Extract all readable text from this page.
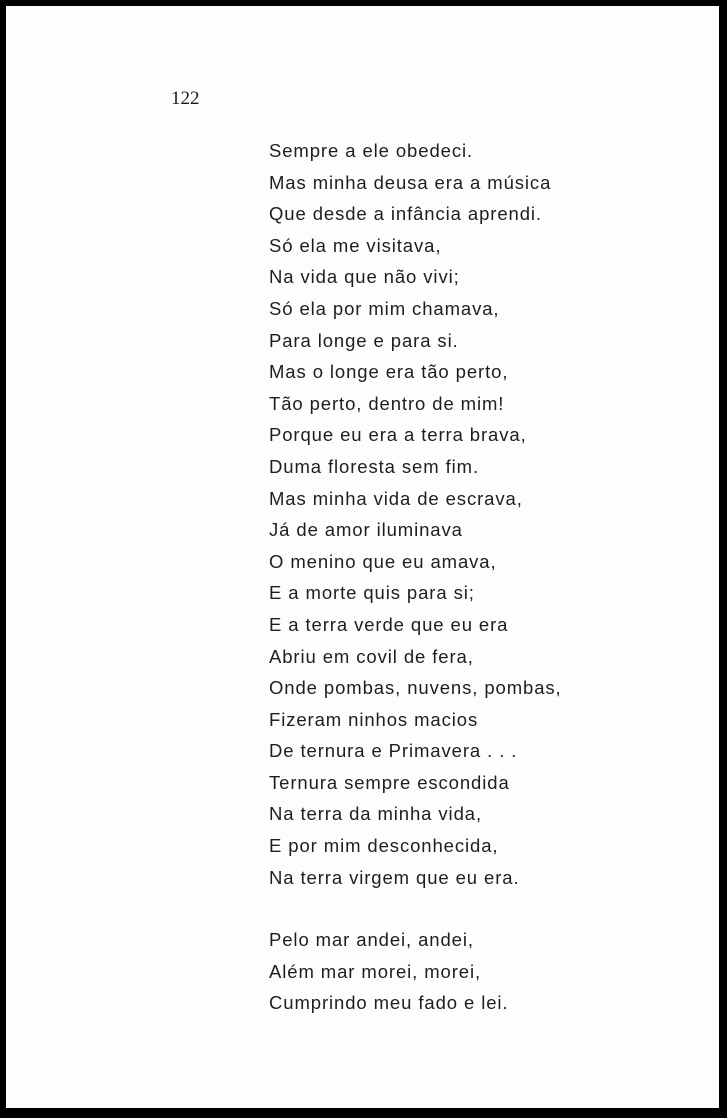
122

Sempre a ele obedeci.
Mas minha deusa era a música
Que desde a infância aprendi.
Só ela me visitava,
Na vida que não vivi;
Só ela por mim chamava,
Para longe e para si.
Mas o longe era tão perto,
Tão perto, dentro de mim!
Porque eu era a terra brava,
Duma floresta sem fim.
Mas minha vida de escrava,
Já de amor iluminava
O menino que eu amava,
E a morte quis para si;
E a terra verde que eu era
Abriu em covil de fera,
Onde pombas, nuvens, pombas,
Fizeram ninhos macios
De ternura e Primavera . . .
Ternura sempre escondida
Na terra da minha vida,
E por mim desconhecida,
Na terra virgem que eu era.
Pelo mar andei, andei,
Além mar morei, morei,
Cumprindo meu fado e lei.
